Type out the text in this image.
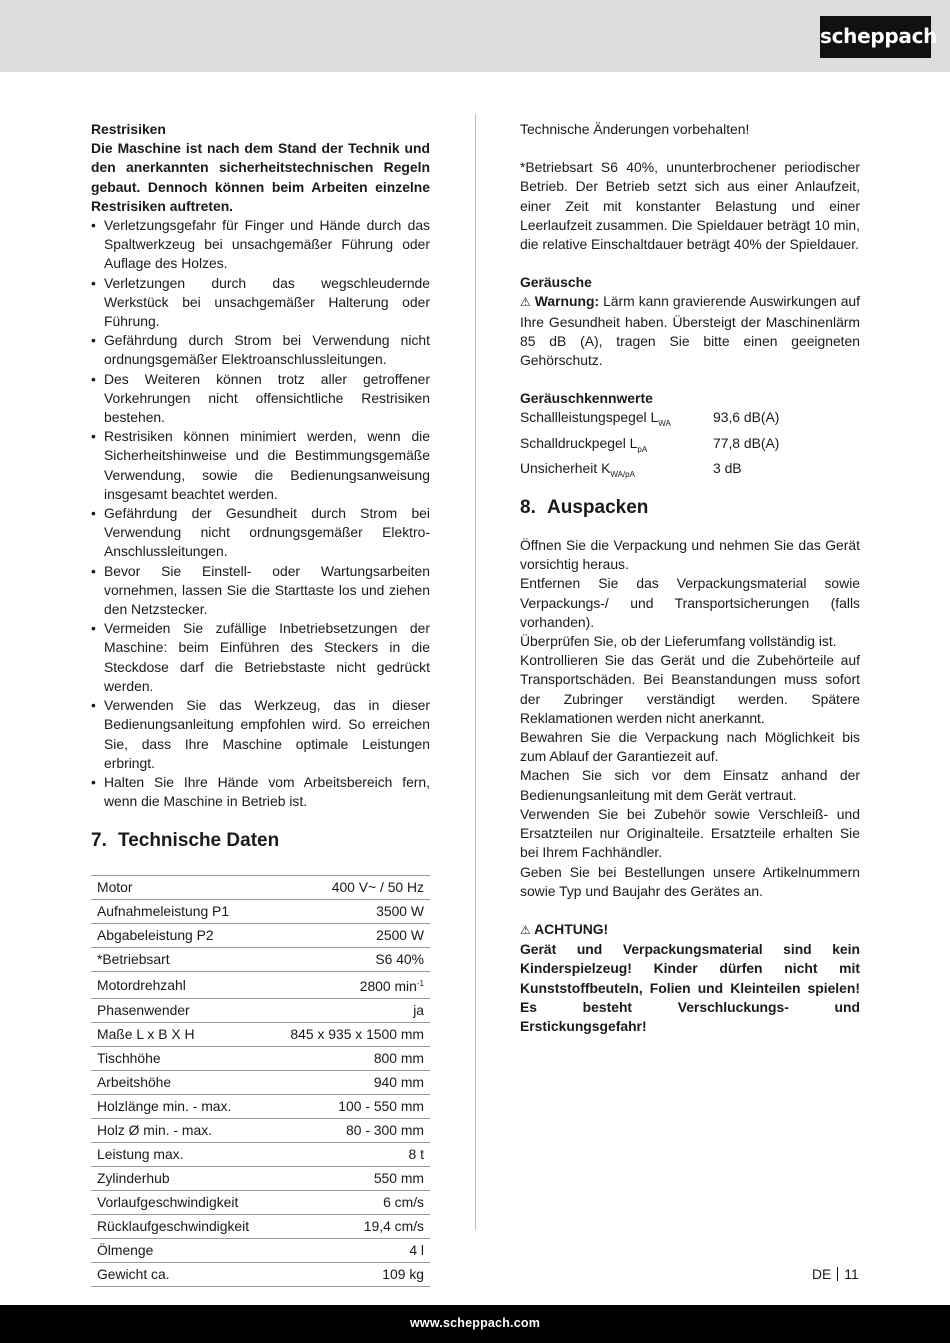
scheppach

Restrisiken

Die Maschine ist nach dem Stand der Technik und den anerkannten sicherheitstechnischen Regeln gebaut. Dennoch können beim Arbeiten einzelne Restrisiken auftreten.

• Verletzungsgefahr für Finger und Hände durch das Spaltwerkzeug bei unsachgemäßer Führung oder Auflage des Holzes.
• Verletzungen durch das wegschleudernde Werkstück bei unsachgemäßer Halterung oder Führung.
• Gefährdung durch Strom bei Verwendung nicht ordnungsgemäßer Elektroanschlussleitungen.
• Des Weiteren können trotz aller getroffener Vorkehrungen nicht offensichtliche Restrisiken bestehen.
• Restrisiken können minimiert werden, wenn die Sicherheitshinweise und die Bestimmungsgemäße Verwendung, sowie die Bedienungsanweisung insgesamt beachtet werden.
• Gefährdung der Gesundheit durch Strom bei Verwendung nicht ordnungsgemäßer Elektro-Anschlussleitungen.
• Bevor Sie Einstell- oder Wartungsarbeiten vornehmen, lassen Sie die Starttaste los und ziehen den Netzstecker.
• Vermeiden Sie zufällige Inbetriebsetzungen der Maschine: beim Einführen des Steckers in die Steckdose darf die Betriebstaste nicht gedrückt werden.
• Verwenden Sie das Werkzeug, das in dieser Bedienungsanleitung empfohlen wird. So erreichen Sie, dass Ihre Maschine optimale Leistungen erbringt.
• Halten Sie Ihre Hände vom Arbeitsbereich fern, wenn die Maschine in Betrieb ist.
7. Technische Daten
Motor	400 V~ / 50 Hz
Aufnahmeleistung P1	3500 W
Abgabeleistung P2	2500 W
*Betriebsart	S6 40%
Motordrehzahl	2800 $\min^{-1}$
Phasenwender	ja
Maße L x B X H	845 x 935 x 1500 mm
Tischhöhe	800 mm
Arbeitshöhe	940 mm
Holzlänge min. - max.	100 - 550 mm
Holz Ø min. - max.	80 - 300 mm
Leistung max.	8 t
Zylinderhub	550 mm
Vorlaufgeschwindigkeit	6 cm/s
Rücklaufgeschwindigkeit	19,4 cm/s
Ölmenge	4 l
Gewicht ca.	109 kg

Technische Änderungen vorbehalten!

*Betriebsart S6 40%, ununterbrochener periodischer Betrieb. Der Betrieb setzt sich aus einer Anlaufzeit, einer Zeit mit konstanter Belastung und einer Leerlaufzeit zusammen. Die Spieldauer beträgt 10 min, die relative Einschaltdauer beträgt 40% der Spieldauer.

Geräusche

⚠ Warnung: Lärm kann gravierende Auswirkungen auf Ihre Gesundheit haben. Übersteigt der Maschinenlärm 85 dB (A), tragen Sie bitte einen geeigneten Gehörschutz.

Geräuschkennwerte

Schallleistungspegel $L_{WA}$	93,6 dB(A)
Schalldruckpegel $L_{pA}$	77,8 dB(A)
Unsicherheit $K_{WA/pA}$	3 dB
8. Auspacken

Öffnen Sie die Verpackung und nehmen Sie das Gerät vorsichtig heraus.

Entfernen Sie das Verpackungsmaterial sowie Verpackungs-/ und Transportsicherungen (falls vorhanden).

Überprüfen Sie, ob der Lieferumfang vollständig ist.

Kontrollieren Sie das Gerät und die Zubehörteile auf Transportschäden. Bei Beanstandungen muss sofort der Zubringer verständigt werden. Spätere Reklamationen werden nicht anerkannt.

Bewahren Sie die Verpackung nach Möglichkeit bis zum Ablauf der Garantiezeit auf.

Machen Sie sich vor dem Einsatz anhand der Bedienungsanleitung mit dem Gerät vertraut.

Verwenden Sie bei Zubehör sowie Verschleiß- und Ersatzteilen nur Originalteile. Ersatzteile erhalten Sie bei Ihrem Fachhändler.

Geben Sie bei Bestellungen unsere Artikelnummern sowie Typ und Baujahr des Gerätes an.

⚠ ACHTUNG!

Gerät und Verpackungsmaterial sind kein Kinderspielzeug! Kinder dürfen nicht mit Kunststoffbeuteln, Folien und Kleinteilen spielen! Es besteht Verschluckungs- und Erstickungsgefahr!

DE 11
www.scheppach.com
